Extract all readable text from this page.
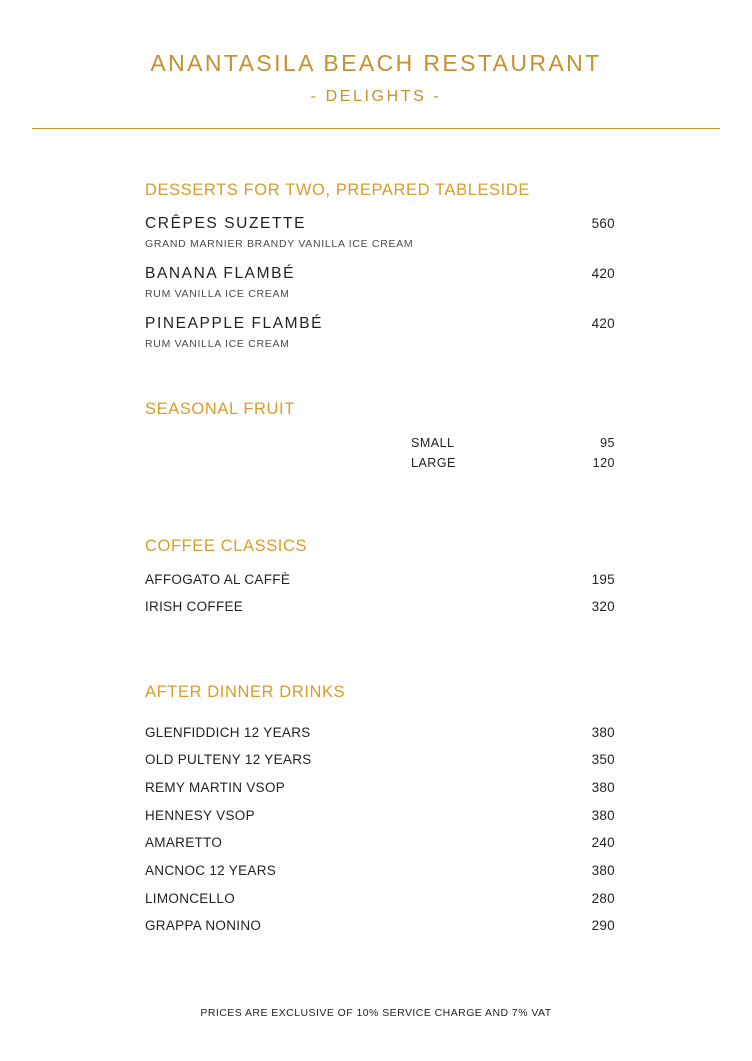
ANANTASILA BEACH RESTAURANT
- DELIGHTS -
DESSERTS FOR TWO, PREPARED TABLESIDE
CRÊPES SUZETTE	560
GRAND MARNIER BRANDY VANILLA ICE CREAM
BANANA FLAMBÉ	420
RUM VANILLA ICE CREAM
PINEAPPLE FLAMBÉ	420
RUM VANILLA ICE CREAM
SEASONAL FRUIT
SMALL	95
LARGE	120
COFFEE CLASSICS
AFFOGATO AL CAFFÈ	195
IRISH COFFEE	320
AFTER DINNER DRINKS
GLENFIDDICH 12 YEARS	380
OLD PULTENY 12 YEARS	350
REMY MARTIN VSOP	380
HENNESY VSOP	380
AMARETTO	240
ANCNOC 12 YEARS	380
LIMONCELLO	280
GRAPPA NONINO	290
PRICES ARE EXCLUSIVE OF 10% SERVICE CHARGE AND 7% VAT
